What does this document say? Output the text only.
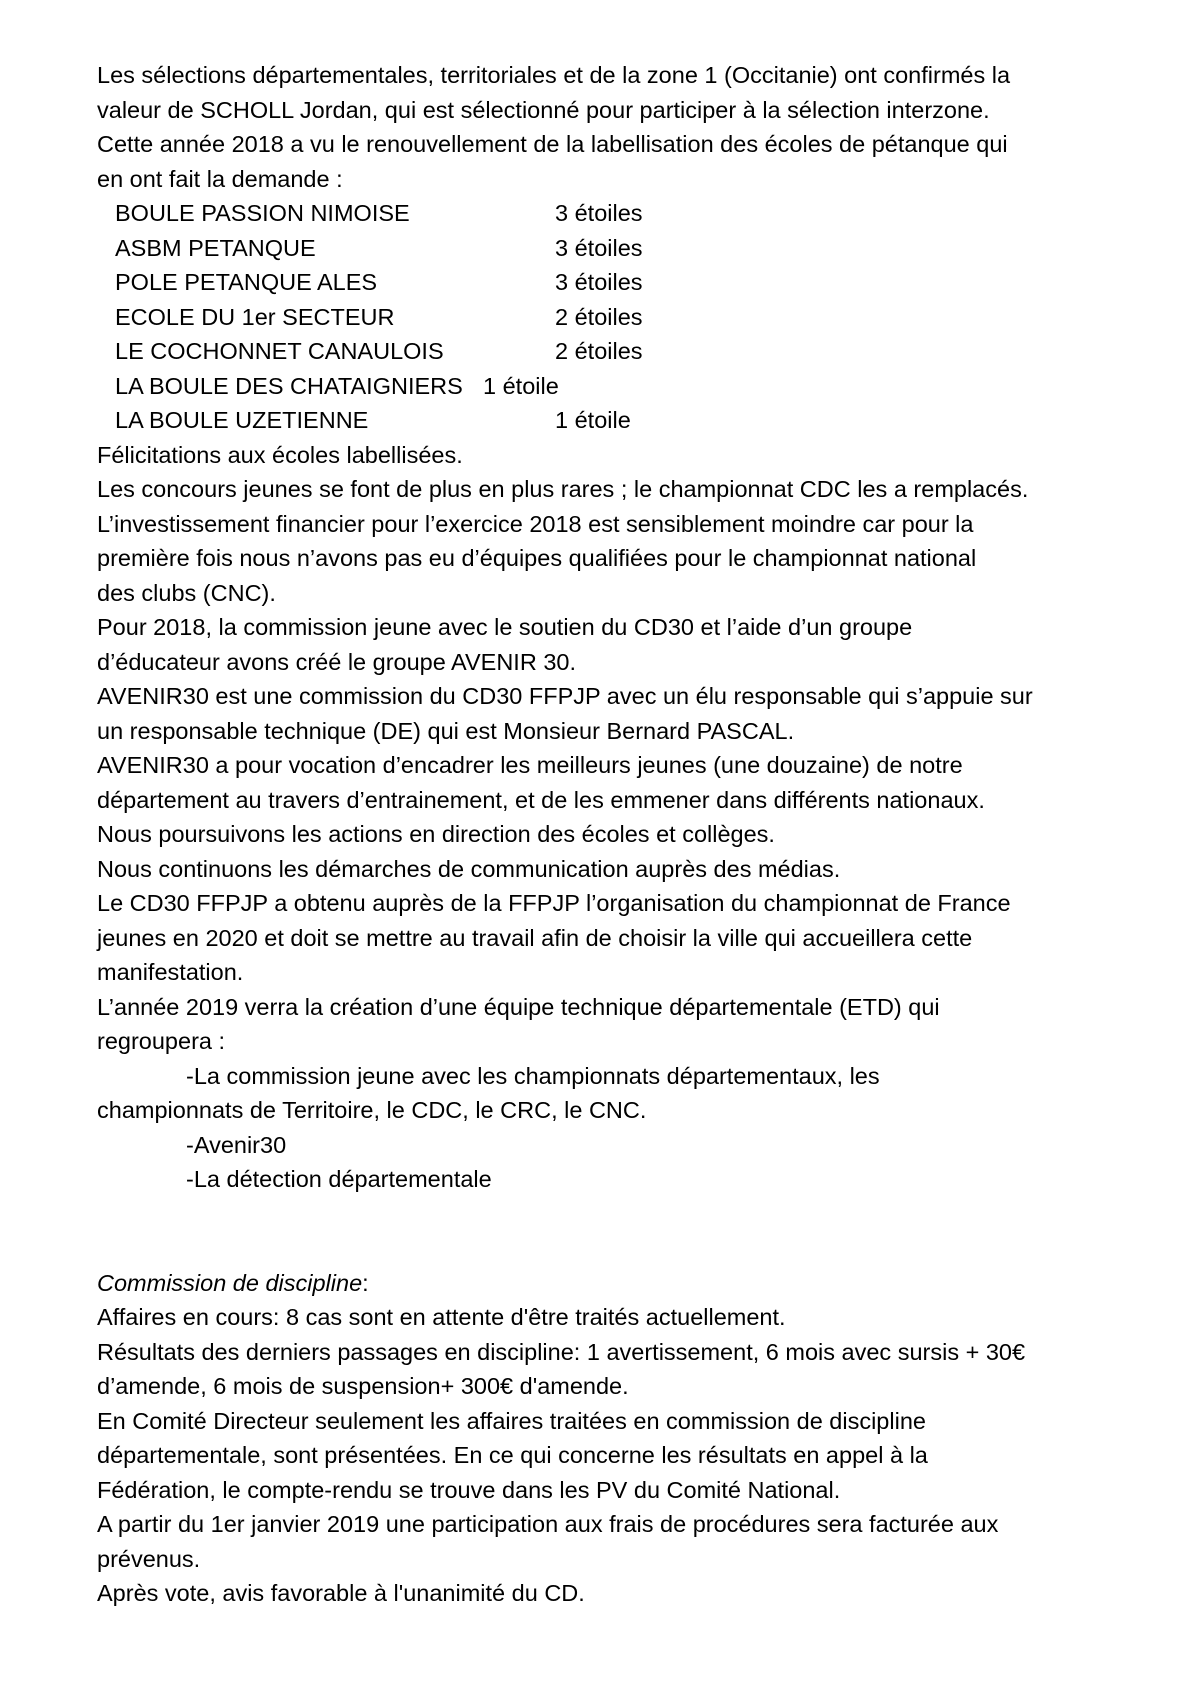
Les sélections départementales, territoriales et de la zone 1 (Occitanie) ont confirmés la
valeur de SCHOLL Jordan, qui est sélectionné pour participer à la sélection interzone.
Cette année 2018 a vu le renouvellement de la labellisation des écoles de pétanque qui
en ont fait la demande :
BOULE PASSION NIMOISE	3 étoiles
ASBM PETANQUE	3 étoiles
POLE PETANQUE ALES	3 étoiles
ECOLE DU 1er SECTEUR	2 étoiles
LE COCHONNET CANAULOIS	2 étoiles
LA BOULE DES CHATAIGNIERS 1 étoile
LA BOULE UZETIENNE	1 étoile
Félicitations aux écoles labellisées.
Les concours jeunes se font de plus en plus rares ; le championnat CDC les a remplacés.
L’investissement financier pour l’exercice 2018 est sensiblement moindre car pour la
première fois nous n’avons pas eu d’équipes qualifiées pour le championnat national
des clubs (CNC).
Pour 2018, la commission jeune avec le soutien du CD30 et l’aide d’un groupe
d’éducateur avons créé le groupe AVENIR 30.
AVENIR30 est une commission du CD30 FFPJP avec un élu responsable qui s’appuie sur
un responsable technique (DE) qui est Monsieur Bernard PASCAL.
AVENIR30 a pour vocation d’encadrer les meilleurs jeunes (une douzaine) de notre
département au travers d’entrainement, et de les emmener dans différents nationaux.
Nous poursuivons les actions en direction des écoles et collèges.
Nous continuons les démarches de communication auprès des médias.
Le CD30 FFPJP a obtenu auprès de la FFPJP l’organisation du championnat de France
jeunes en 2020 et doit se mettre au travail afin de choisir la ville qui accueillera cette
manifestation.
L’année 2019 verra la création d’une équipe technique départementale (ETD) qui
regroupera :
-La commission jeune avec les championnats départementaux, les
championnats de Territoire, le CDC, le CRC, le CNC.
-Avenir30
-La détection départementale
Commission de discipline:
Affaires en cours: 8 cas sont en attente d'être traités actuellement.
Résultats des derniers passages en discipline: 1 avertissement, 6 mois avec sursis + 30€
d’amende, 6 mois de suspension+ 300€ d'amende.
En Comité Directeur seulement les affaires traitées en commission de discipline
départementale, sont présentées. En ce qui concerne les résultats en appel à la
Fédération, le compte-rendu se trouve dans les PV du Comité National.
A partir du 1er janvier 2019 une participation aux frais de procédures sera facturée aux
prévenus.
Après vote, avis favorable à l'unanimité du CD.
